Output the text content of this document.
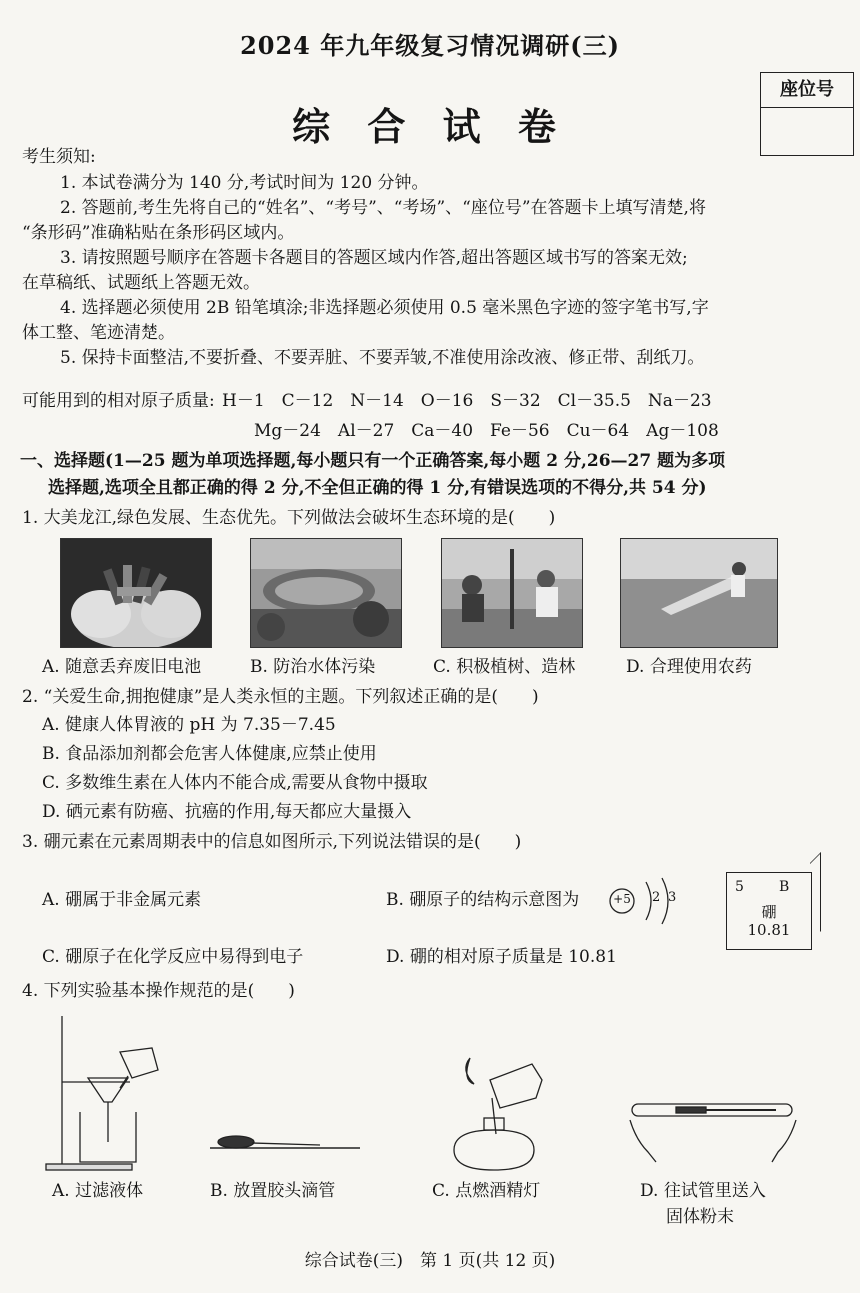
2024 年九年级复习情况调研(三)
综 合 试 卷
座位号
考生须知:
1. 本试卷满分为 140 分,考试时间为 120 分钟。
2. 答题前,考生先将自己的“姓名”、“考号”、“考场”、“座位号”在答题卡上填写清楚,将
“条形码”准确粘贴在条形码区域内。
3. 请按照题号顺序在答题卡各题目的答题区域内作答,超出答题区域书写的答案无效;
在草稿纸、试题纸上答题无效。
4. 选择题必须使用 2B 铅笔填涂;非选择题必须使用 0.5 毫米黑色字迹的签字笔书写,字
体工整、笔迹清楚。
5. 保持卡面整洁,不要折叠、不要弄脏、不要弄皱,不准使用涂改液、修正带、刮纸刀。
可能用到的相对原子质量: H－1　C－12　N－14　O－16　S－32　Cl－35.5　Na－23
Mg－24　Al－27　Ca－40　Fe－56　Cu－64　Ag－108
一、选择题(1—25 题为单项选择题,每小题只有一个正确答案,每小题 2 分,26—27 题为多项
选择题,选项全且都正确的得 2 分,不全但正确的得 1 分,有错误选项的不得分,共 54 分)
1. 大美龙江,绿色发展、生态优先。下列做法会破坏生态环境的是(　　)
A. 随意丢弃废旧电池	B. 防治水体污染	C. 积极植树、造林	D. 合理使用农药
2. “关爱生命,拥抱健康”是人类永恒的主题。下列叙述正确的是(　　)
A. 健康人体胃液的 pH 为 7.35－7.45
B. 食品添加剂都会危害人体健康,应禁止使用
C. 多数维生素在人体内不能合成,需要从食物中摄取
D. 硒元素有防癌、抗癌的作用,每天都应大量摄入
3. 硼元素在元素周期表中的信息如图所示,下列说法错误的是(　　)
A. 硼属于非金属元素	B. 硼原子的结构示意图为	+5 2 3
5	B
硼
10.81
C. 硼原子在化学反应中易得到电子	D. 硼的相对原子质量是 10.81
4. 下列实验基本操作规范的是(　　)
A. 过滤液体	B. 放置胶头滴管	C. 点燃酒精灯	D. 往试管里送入
固体粉末
综合试卷(三)　第 1 页(共 12 页)
